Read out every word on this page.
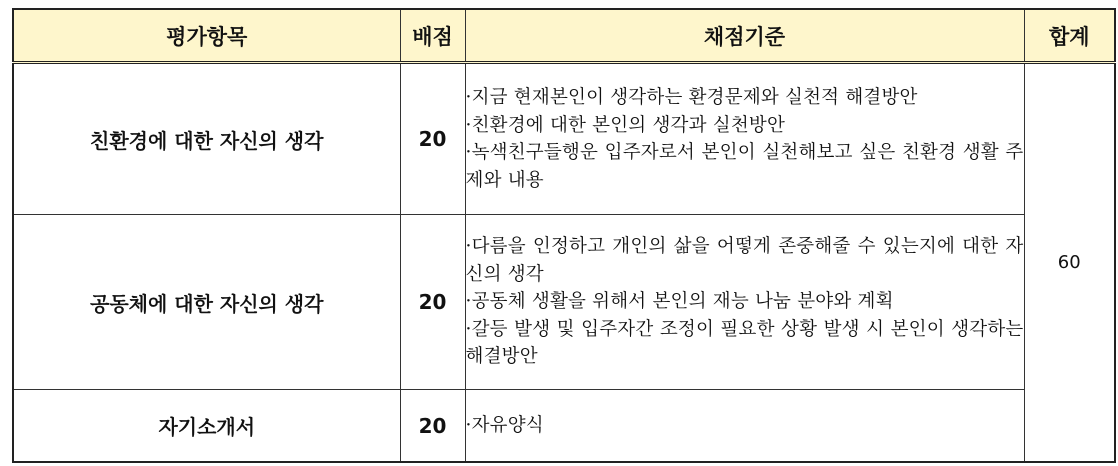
평가항목	배점	채점기준	합계
친환경에 대한 자신의 생각	20	·지금 현재본인이 생각하는 환경문제와 실천적 해결방안
·친환경에 대한 본인의 생각과 실천방안
·녹색친구들행운 입주자로서 본인이 실천해보고 싶은 친환경 생활 주제와 내용	60
공동체에 대한 자신의 생각	20	·다름을 인정하고 개인의 삶을 어떻게 존중해줄 수 있는지에 대한 자신의 생각
·공동체 생활을 위해서 본인의 재능 나눔 분야와 계획
·갈등 발생 및 입주자간 조정이 필요한 상황 발생 시 본인이 생각하는 해결방안	

자기소개서	20	·자유양식	
